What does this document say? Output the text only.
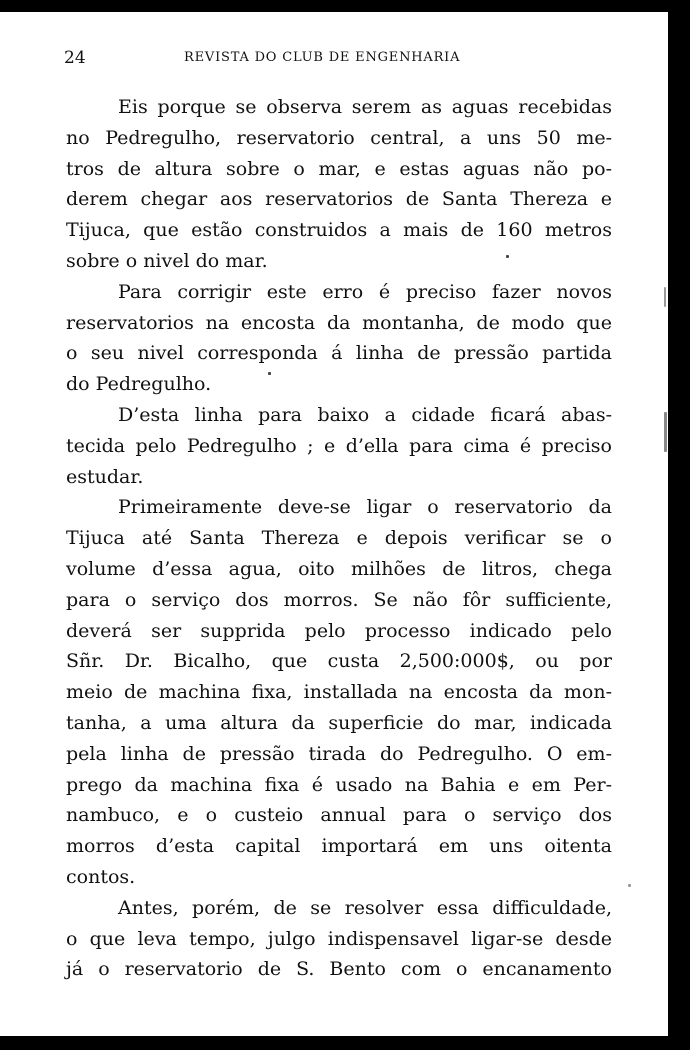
24	REVISTA DO CLUB DE ENGENHARIA
Eis porque se observa serem as aguas recebidas
no Pedregulho, reservatorio central, a uns 50 me-
tros de altura sobre o mar, e estas aguas não po-
derem chegar aos reservatorios de Santa Thereza e
Tijuca, que estão construidos a mais de 160 metros
sobre o nivel do mar.
Para corrigir este erro é preciso fazer novos
reservatorios na encosta da montanha, de modo que
o seu nivel corresponda á linha de pressão partida
do Pedregulho.
D’esta linha para baixo a cidade ficará abas-
tecida pelo Pedregulho ; e d’ella para cima é preciso
estudar.
Primeiramente deve-se ligar o reservatorio da
Tijuca até Santa Thereza e depois verificar se o
volume d’essa agua, oito milhões de litros, chega
para o serviço dos morros. Se não fôr sufficiente,
deverá ser supprida pelo processo indicado pelo
Sñr. Dr. Bicalho, que custa 2,500:000$, ou por
meio de machina fixa, installada na encosta da mon-
tanha, a uma altura da superficie do mar, indicada
pela linha de pressão tirada do Pedregulho. O em-
prego da machina fixa é usado na Bahia e em Per-
nambuco, e o custeio annual para o serviço dos
morros d’esta capital importará em uns oitenta
contos.
Antes, porém, de se resolver essa difficuldade,
o que leva tempo, julgo indispensavel ligar-se desde
já o reservatorio de S. Bento com o encanamento
